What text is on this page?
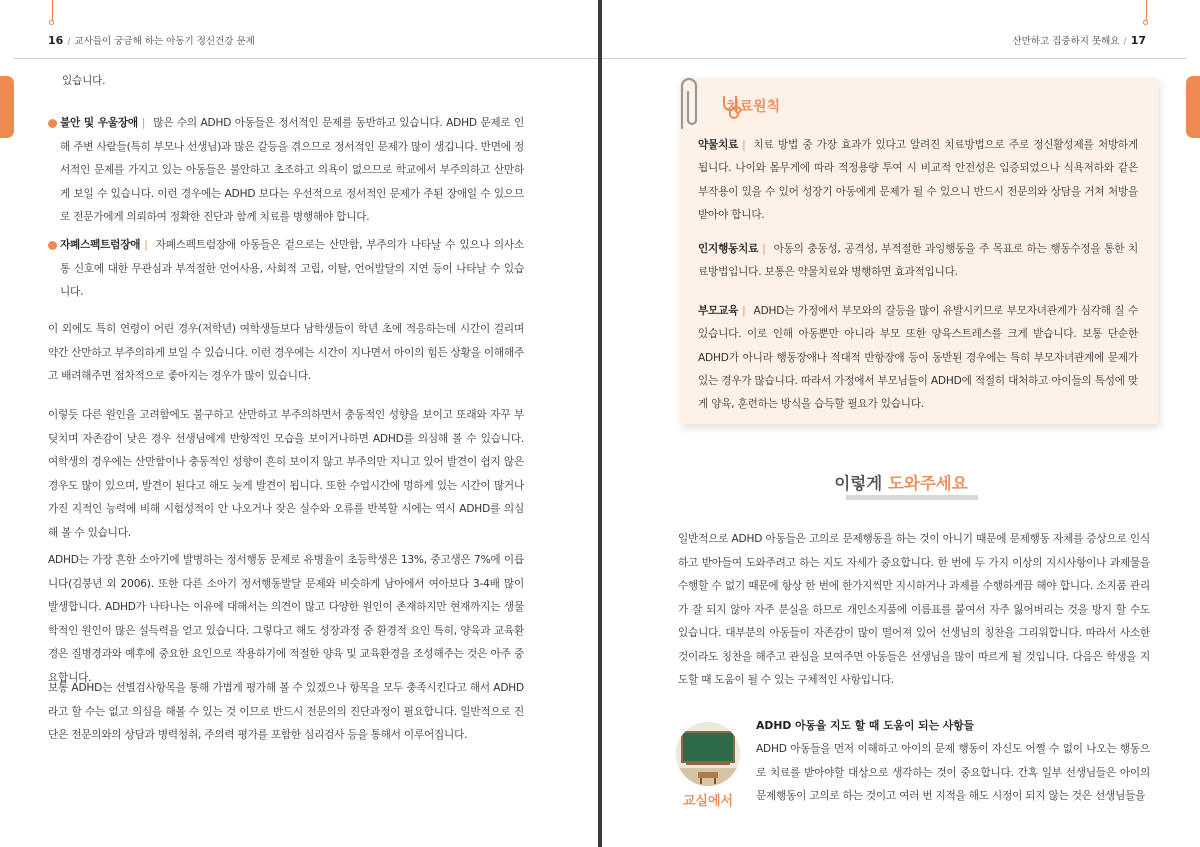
16 / 교사들이 궁금해 하는 아동기 정신건강 문제

있습니다.

불안 및 우울장애 | 많은 수의 ADHD 아동들은 정서적인 문제를 동반하고 있습니다. ADHD 문제로 인해 주변 사람들(특히 부모나 선생님)과 많은 갈등을 겪으므로 정서적인 문제가 많이 생깁니다. 반면에 정서적인 문제를 가지고 있는 아동들은 불안하고 초조하고 의욕이 없으므로 학교에서 부주의하고 산만하게 보일 수 있습니다. 이런 경우에는 ADHD 보다는 우선적으로 정서적인 문제가 주된 장애일 수 있으므로 전문가에게 의뢰하여 정확한 진단과 함께 치료를 병행해야 합니다.

자폐스펙트럼장애 | 자폐스펙트럼장애 아동들은 겉으로는 산만함, 부주의가 나타날 수 있으나 의사소통 신호에 대한 무관심과 부적절한 언어사용, 사회적 고립, 이탈, 언어발달의 지연 등이 나타날 수 있습니다.

이 외에도 특히 연령이 어린 경우(저학년) 여학생들보다 남학생들이 학년 초에 적응하는데 시간이 걸리며 약간 산만하고 부주의하게 보일 수 있습니다. 이런 경우에는 시간이 지나면서 아이의 힘든 상황을 이해해주고 배려해주면 점차적으로 좋아지는 경우가 많이 있습니다.

이렇듯 다른 원인을 고려함에도 불구하고 산만하고 부주의하면서 충동적인 성향을 보이고 또래와 자꾸 부딪치며 자존감이 낮은 경우 선생님에게 반항적인 모습을 보이거나하면 ADHD를 의심해 볼 수 있습니다. 여학생의 경우에는 산만함이나 충동적인 성향이 흔히 보이지 않고 부주의만 지니고 있어 발견이 쉽지 않은 경우도 많이 있으며, 발견이 된다고 해도 늦게 발견이 됩니다. 또한 수업시간에 멍하게 있는 시간이 많거나 가진 지적인 능력에 비해 시험성적이 안 나오거나 잦은 실수와 오류를 반복할 시에는 역시 ADHD를 의심해 볼 수 있습니다.

ADHD는 가장 흔한 소아기에 발병하는 정서행동 문제로 유병율이 초등학생은 13%, 중고생은 7%에 이릅니다(김붕년 외 2006). 또한 다른 소아기 정서행동발달 문제와 비슷하게 남아에서 여아보다 3-4배 많이 발생합니다. ADHD가 나타나는 이유에 대해서는 의견이 많고 다양한 원인이 존재하지만 현재까지는 생물학적인 원인이 많은 설득력을 얻고 있습니다. 그렇다고 해도 성장과정 중 환경적 요인 특히, 양육과 교육환경은 질병경과와 예후에 중요한 요인으로 작용하기에 적절한 양육 및 교육환경을 조성해주는 것은 아주 중요합니다.

보통 ADHD는 선별검사항목을 통해 가볍게 평가해 볼 수 있겠으나 항목을 모두 충족시킨다고 해서 ADHD라고 할 수는 없고 의심을 해볼 수 있는 것 이므로 반드시 전문의의 진단과정이 필요합니다. 일반적으로 진단은 전문의와의 상담과 병력청취, 주의력 평가를 포함한 심리검사 등을 통해서 이루어집니다.

산만하고 집중하지 못해요 / 17
치료원칙

약물치료 | 치료 방법 중 가장 효과가 있다고 알려진 치료방법으로 주로 정신활성제를 처방하게 됩니다. 나이와 몸무게에 따라 적정용량 투여 시 비교적 안전성은 입증되었으나 식욕저하와 같은 부작용이 있을 수 있어 성장기 아동에게 문제가 될 수 있으니 반드시 전문의와 상담을 거쳐 처방을 받아야 합니다.

인지행동치료 | 아동의 충동성, 공격성, 부적절한 과잉행동을 주 목표로 하는 행동수정을 통한 치료방법입니다. 보통은 약물치료와 병행하면 효과적입니다.

부모교육 | ADHD는 가정에서 부모와의 갈등을 많이 유발시키므로 부모자녀관계가 심각해 질 수 있습니다. 이로 인해 아동뿐만 아니라 부모 또한 양육스트레스를 크게 받습니다. 보통 단순한 ADHD가 아니라 행동장애나 적대적 반항장애 등이 동반된 경우에는 특히 부모자녀관계에 문제가 있는 경우가 많습니다. 따라서 가정에서 부모님들이 ADHD에 적절히 대처하고 아이들의 특성에 맞게 양육, 훈련하는 방식을 습득할 필요가 있습니다.

이렇게 도와주세요

일반적으로 ADHD 아동들은 고의로 문제행동을 하는 것이 아니기 때문에 문제행동 자체를 증상으로 인식하고 받아들여 도와주려고 하는 지도 자세가 중요합니다. 한 번에 두 가지 이상의 지시사항이나 과제물을 수행할 수 없기 때문에 항상 한 번에 한가지씩만 지시하거나 과제를 수행하게끔 해야 합니다. 소지품 관리가 잘 되지 않아 자주 분실을 하므로 개인소지품에 이름표를 붙여서 자주 잃어버리는 것을 방지 할 수도 있습니다. 대부분의 아동들이 자존감이 많이 떨어져 있어 선생님의 칭찬을 그리워합니다. 따라서 사소한 것이라도 칭찬을 해주고 관심을 보여주면 아동들은 선생님을 많이 따르게 될 것입니다. 다음은 학생을 지도할 때 도움이 될 수 있는 구체적인 사항입니다.

교실에서
ADHD 아동을 지도 할 때 도움이 되는 사항들

ADHD 아동들을 먼저 이해하고 아이의 문제 행동이 자신도 어쩔 수 없이 나오는 행동으로 치료를 받아야할 대상으로 생각하는 것이 중요합니다. 간혹 일부 선생님들은 아이의 문제행동이 고의로 하는 것이고 여러 번 지적을 해도 시정이 되지 않는 것은 선생님들을
